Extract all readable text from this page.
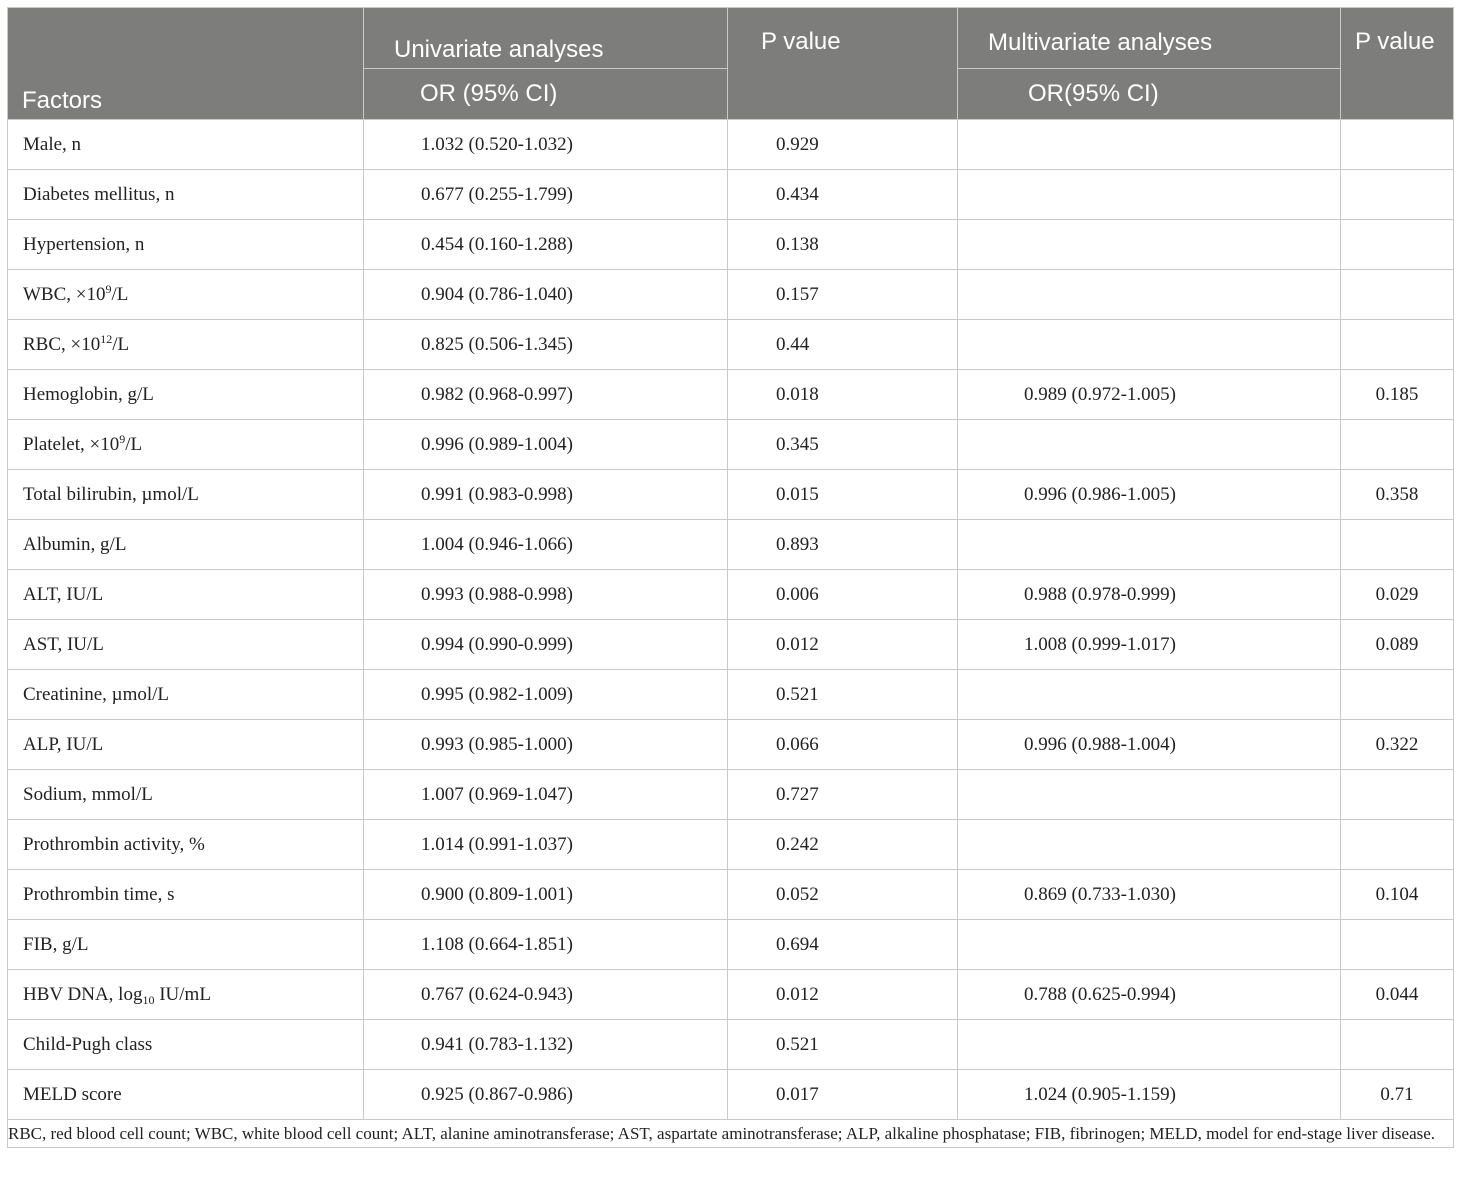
Factors	Univariate analyses	P value	Multivariate analyses	P value
	OR (95% CI)		OR(95% CI)	
Male, n	1.032 (0.520-1.032)	0.929		
Diabetes mellitus, n	0.677 (0.255-1.799)	0.434		
Hypertension, n	0.454 (0.160-1.288)	0.138		
WBC, $\times 10^9/L$	0.904 (0.786-1.040)	0.157		
RBC, $\times 10^{12}/L$	0.825 (0.506-1.345)	0.44		
Hemoglobin, g/L	0.982 (0.968-0.997)	0.018	0.989 (0.972-1.005)	0.185
Platelet, $\times 10^9/L$	0.996 (0.989-1.004)	0.345		
Total bilirubin, µmol/L	0.991 (0.983-0.998)	0.015	0.996 (0.986-1.005)	0.358
Albumin, g/L	1.004 (0.946-1.066)	0.893		
ALT, IU/L	0.993 (0.988-0.998)	0.006	0.988 (0.978-0.999)	0.029
AST, IU/L	0.994 (0.990-0.999)	0.012	1.008 (0.999-1.017)	0.089
Creatinine, µmol/L	0.995 (0.982-1.009)	0.521		
ALP, IU/L	0.993 (0.985-1.000)	0.066	0.996 (0.988-1.004)	0.322
Sodium, mmol/L	1.007 (0.969-1.047)	0.727		
Prothrombin activity, %	1.014 (0.991-1.037)	0.242		
Prothrombin time, s	0.900 (0.809-1.001)	0.052	0.869 (0.733-1.030)	0.104
FIB, g/L	1.108 (0.664-1.851)	0.694		
HBV DNA, $\log_{10} IU/mL$	0.767 (0.624-0.943)	0.012	0.788 (0.625-0.994)	0.044
Child-Pugh class	0.941 (0.783-1.132)	0.521		
MELD score	0.925 (0.867-0.986)	0.017	1.024 (0.905-1.159)	0.71
RBC, red blood cell count; WBC, white blood cell count; ALT, alanine aminotransferase; AST, aspartate aminotransferase; ALP, alkaline phosphatase; FIB, fibrinogen; MELD, model for end-stage liver disease.				
